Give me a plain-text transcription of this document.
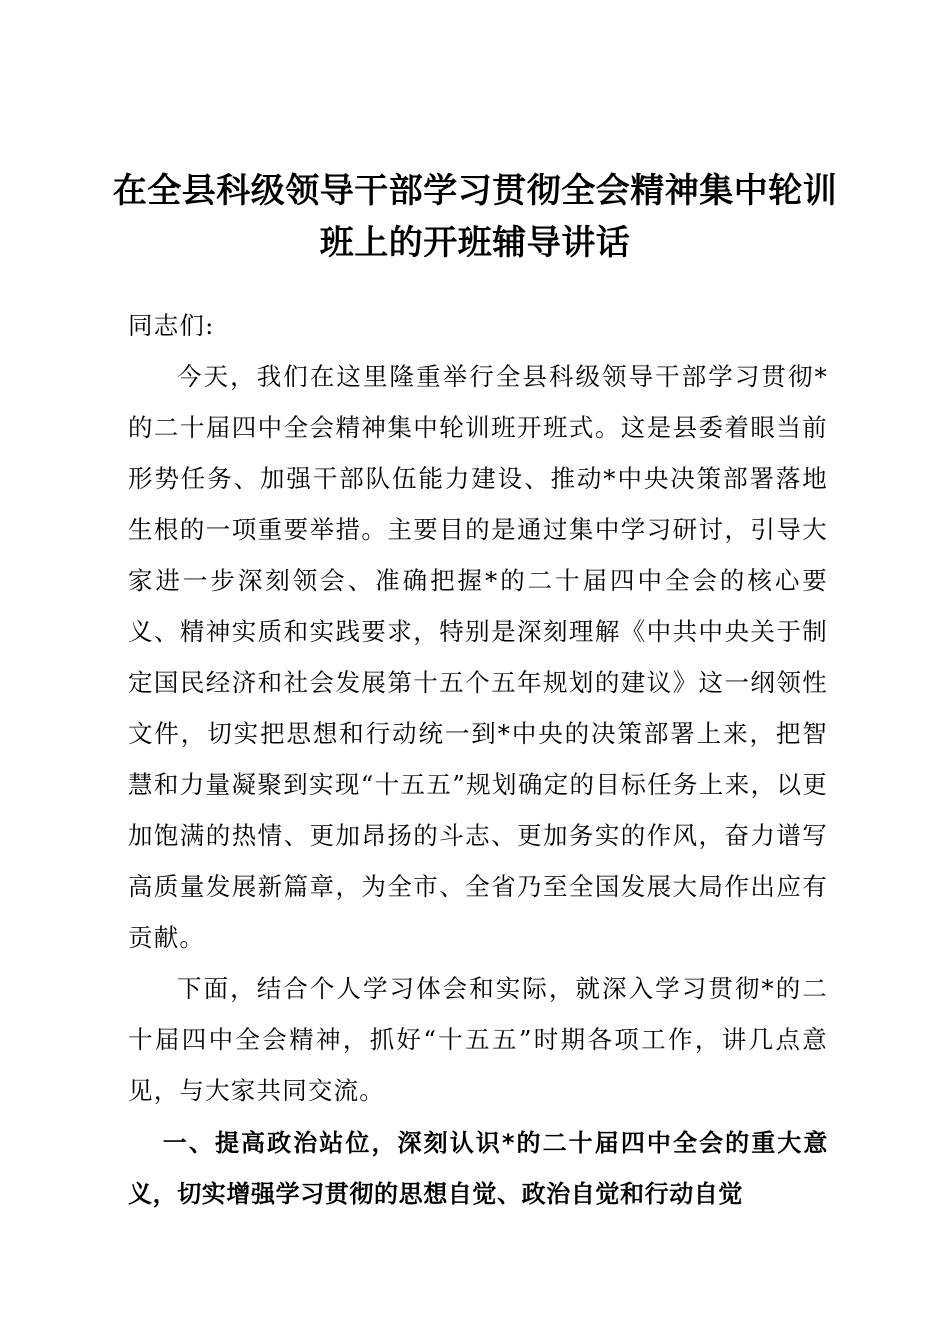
在全县科级领导干部学习贯彻全会精神集中轮训班上的开班辅导讲话

同志们:

今天，我们在这里隆重举行全县科级领导干部学习贯彻*的二十届四中全会精神集中轮训班开班式。这是县委着眼当前形势任务、加强干部队伍能力建设、推动*中央决策部署落地生根的一项重要举措。主要目的是通过集中学习研讨，引导大家进一步深刻领会、准确把握*的二十届四中全会的核心要义、精神实质和实践要求，特别是深刻理解《中共中央关于制定国民经济和社会发展第十五个五年规划的建议》这一纲领性文件，切实把思想和行动统一到*中央的决策部署上来，把智慧和力量凝聚到实现“十五五”规划确定的目标任务上来，以更加饱满的热情、更加昂扬的斗志、更加务实的作风，奋力谱写高质量发展新篇章，为全市、全省乃至全国发展大局作出应有贡献。

下面，结合个人学习体会和实际，就深入学习贯彻*的二十届四中全会精神，抓好“十五五”时期各项工作，讲几点意见，与大家共同交流。

一、提高政治站位，深刻认识*的二十届四中全会的重大意义，切实增强学习贯彻的思想自觉、政治自觉和行动自觉
